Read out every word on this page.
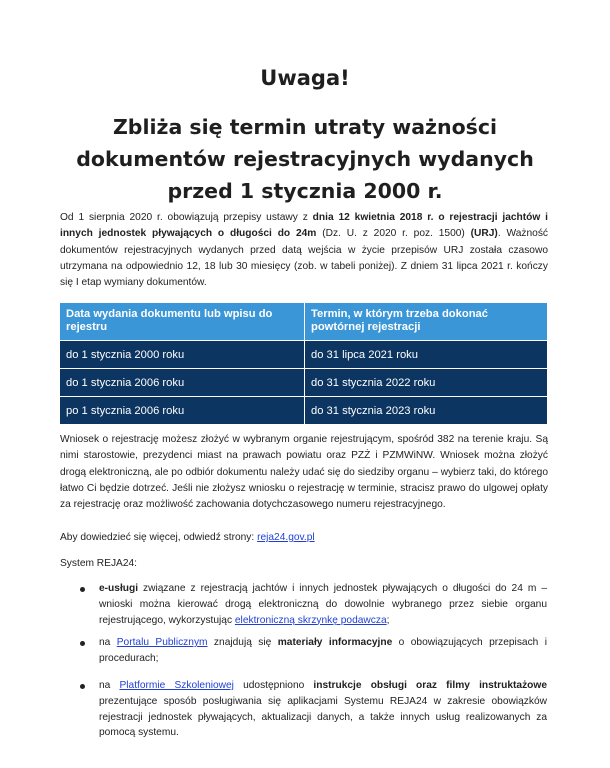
Uwaga!
Zbliża się termin utraty ważności
dokumentów rejestracyjnych wydanych
przed 1 stycznia 2000 r.

Od 1 sierpnia 2020 r. obowiązują przepisy ustawy z dnia 12 kwietnia 2018 r. o rejestracji jachtów i innych jednostek pływających o długości do 24m (Dz. U. z 2020 r. poz. 1500) (URJ). Ważność dokumentów rejestracyjnych wydanych przed datą wejścia w życie przepisów URJ została czasowo utrzymana na odpowiednio 12, 18 lub 30 miesięcy (zob. w tabeli poniżej). Z dniem 31 lipca 2021 r. kończy się I etap wymiany dokumentów.

Data wydania dokumentu lub wpisu do rejestru	Termin, w którym trzeba dokonać powtórnej rejestracji
do 1 stycznia 2000 roku	do 31 lipca 2021 roku
do 1 stycznia 2006 roku	do 31 stycznia 2022 roku
po 1 stycznia 2006 roku	do 31 stycznia 2023 roku

Wniosek o rejestrację możesz złożyć w wybranym organie rejestrującym, spośród 382 na terenie kraju. Są nimi starostowie, prezydenci miast na prawach powiatu oraz PZŻ i PZMWiNW. Wniosek można złożyć drogą elektroniczną, ale po odbiór dokumentu należy udać się do siedziby organu – wybierz taki, do którego łatwo Ci będzie dotrzeć. Jeśli nie złożysz wniosku o rejestrację w terminie, stracisz prawo do ulgowej opłaty za rejestrację oraz możliwość zachowania dotychczasowego numeru rejestracyjnego.

Aby dowiedzieć się więcej, odwiedź strony: reja24.gov.pl
System REJA24:
e-usługi związane z rejestracją jachtów i innych jednostek pływających o długości do 24 m – wnioski można kierować drogą elektroniczną do dowolnie wybranego przez siebie organu rejestrującego, wykorzystując elektroniczną skrzynkę podawcza;
na Portalu Publicznym znajdują się materiały informacyjne o obowiązujących przepisach i procedurach;
na Platformie Szkoleniowej udostępniono instrukcje obsługi oraz filmy instruktażowe prezentujące sposób posługiwania się aplikacjami Systemu REJA24 w zakresie obowiązków rejestracji jednostek pływających, aktualizacji danych, a także innych usług realizowanych za pomocą systemu.
